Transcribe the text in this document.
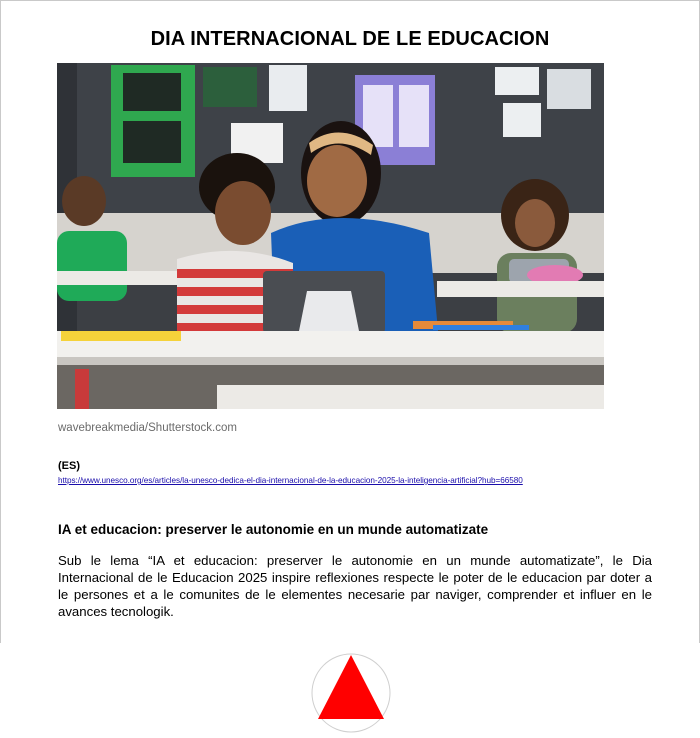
DIA INTERNACIONAL DE LE EDUCACION
wavebreakmedia/Shutterstock.com
(ES)
https://www.unesco.org/es/articles/la-unesco-dedica-el-dia-internacional-de-la-educacion-2025-la-inteligencia-artificial?hub=66580
IA et educacion: preserver le autonomie en un munde automatizate
Sub le lema “IA et educacion: preserver le autonomie en un munde automatizate”, le Dia Internacional de le Educacion 2025 inspire reflexiones respecte le poter de le educacion par doter a le persones et a le comunites de le elementes necesarie par naviger, comprender et influer en le avances tecnologik.
